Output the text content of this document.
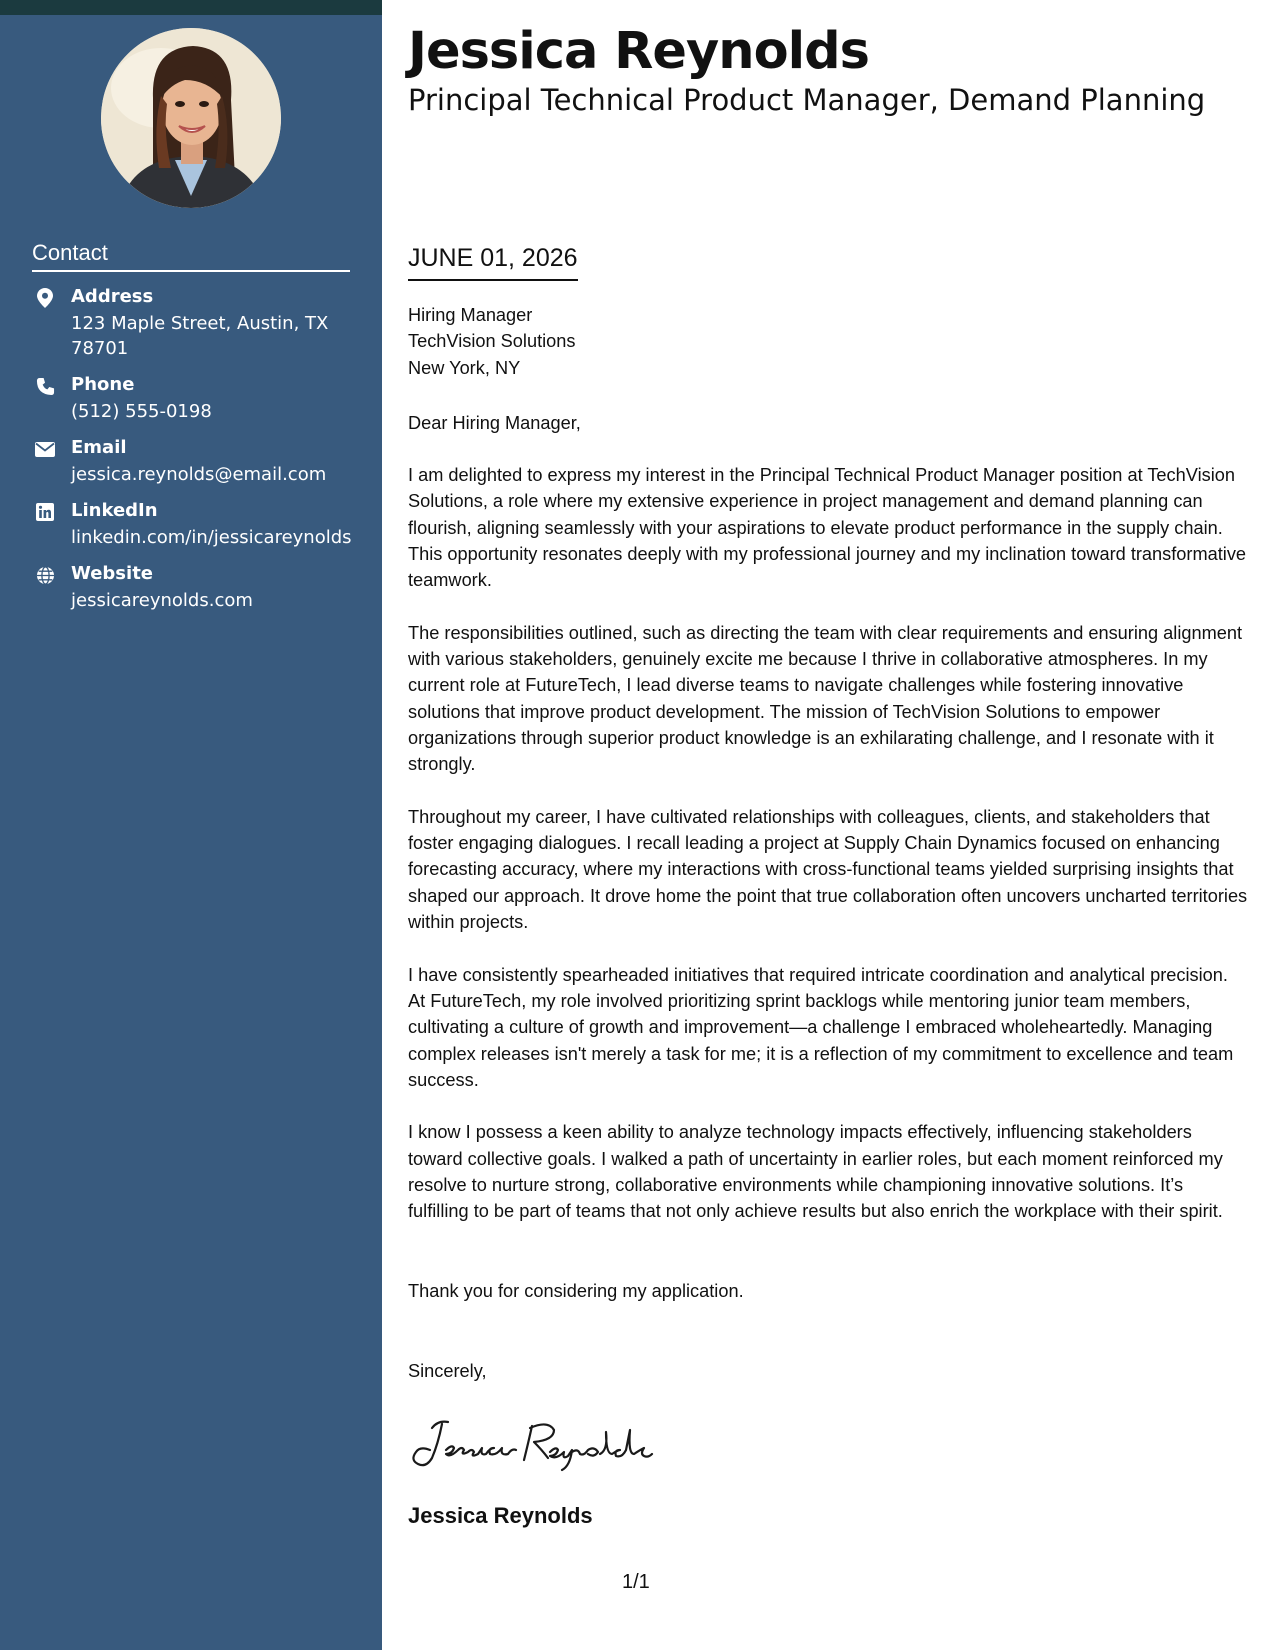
Contact
Address
123 Maple Street, Austin, TX 78701
Phone
(512) 555-0198
Email
jessica.reynolds@email.com
LinkedIn
linkedin.com/in/jessicareynolds
Website
jessicareynolds.com
Jessica Reynolds
Principal Technical Product Manager, Demand Planning
JUNE 01, 2026
Hiring Manager
TechVision Solutions
New York, NY
Dear Hiring Manager,

I am delighted to express my interest in the Principal Technical Product Manager position at TechVision Solutions, a role where my extensive experience in project management and demand planning can flourish, aligning seamlessly with your aspirations to elevate product performance in the supply chain. This opportunity resonates deeply with my professional journey and my inclination toward transformative teamwork.

The responsibilities outlined, such as directing the team with clear requirements and ensuring alignment with various stakeholders, genuinely excite me because I thrive in collaborative atmospheres. In my current role at FutureTech, I lead diverse teams to navigate challenges while fostering innovative solutions that improve product development. The mission of TechVision Solutions to empower organizations through superior product knowledge is an exhilarating challenge, and I resonate with it strongly.

Throughout my career, I have cultivated relationships with colleagues, clients, and stakeholders that foster engaging dialogues. I recall leading a project at Supply Chain Dynamics focused on enhancing forecasting accuracy, where my interactions with cross-functional teams yielded surprising insights that shaped our approach. It drove home the point that true collaboration often uncovers uncharted territories within projects.

I have consistently spearheaded initiatives that required intricate coordination and analytical precision. At FutureTech, my role involved prioritizing sprint backlogs while mentoring junior team members, cultivating a culture of growth and improvement—a challenge I embraced wholeheartedly. Managing complex releases isn't merely a task for me; it is a reflection of my commitment to excellence and team success.

I know I possess a keen ability to analyze technology impacts effectively, influencing stakeholders toward collective goals. I walked a path of uncertainty in earlier roles, but each moment reinforced my resolve to nurture strong, collaborative environments while championing innovative solutions. It’s fulfilling to be part of teams that not only achieve results but also enrich the workplace with their spirit.

Thank you for considering my application.
Sincerely,
Jessica Reynolds
1/1
